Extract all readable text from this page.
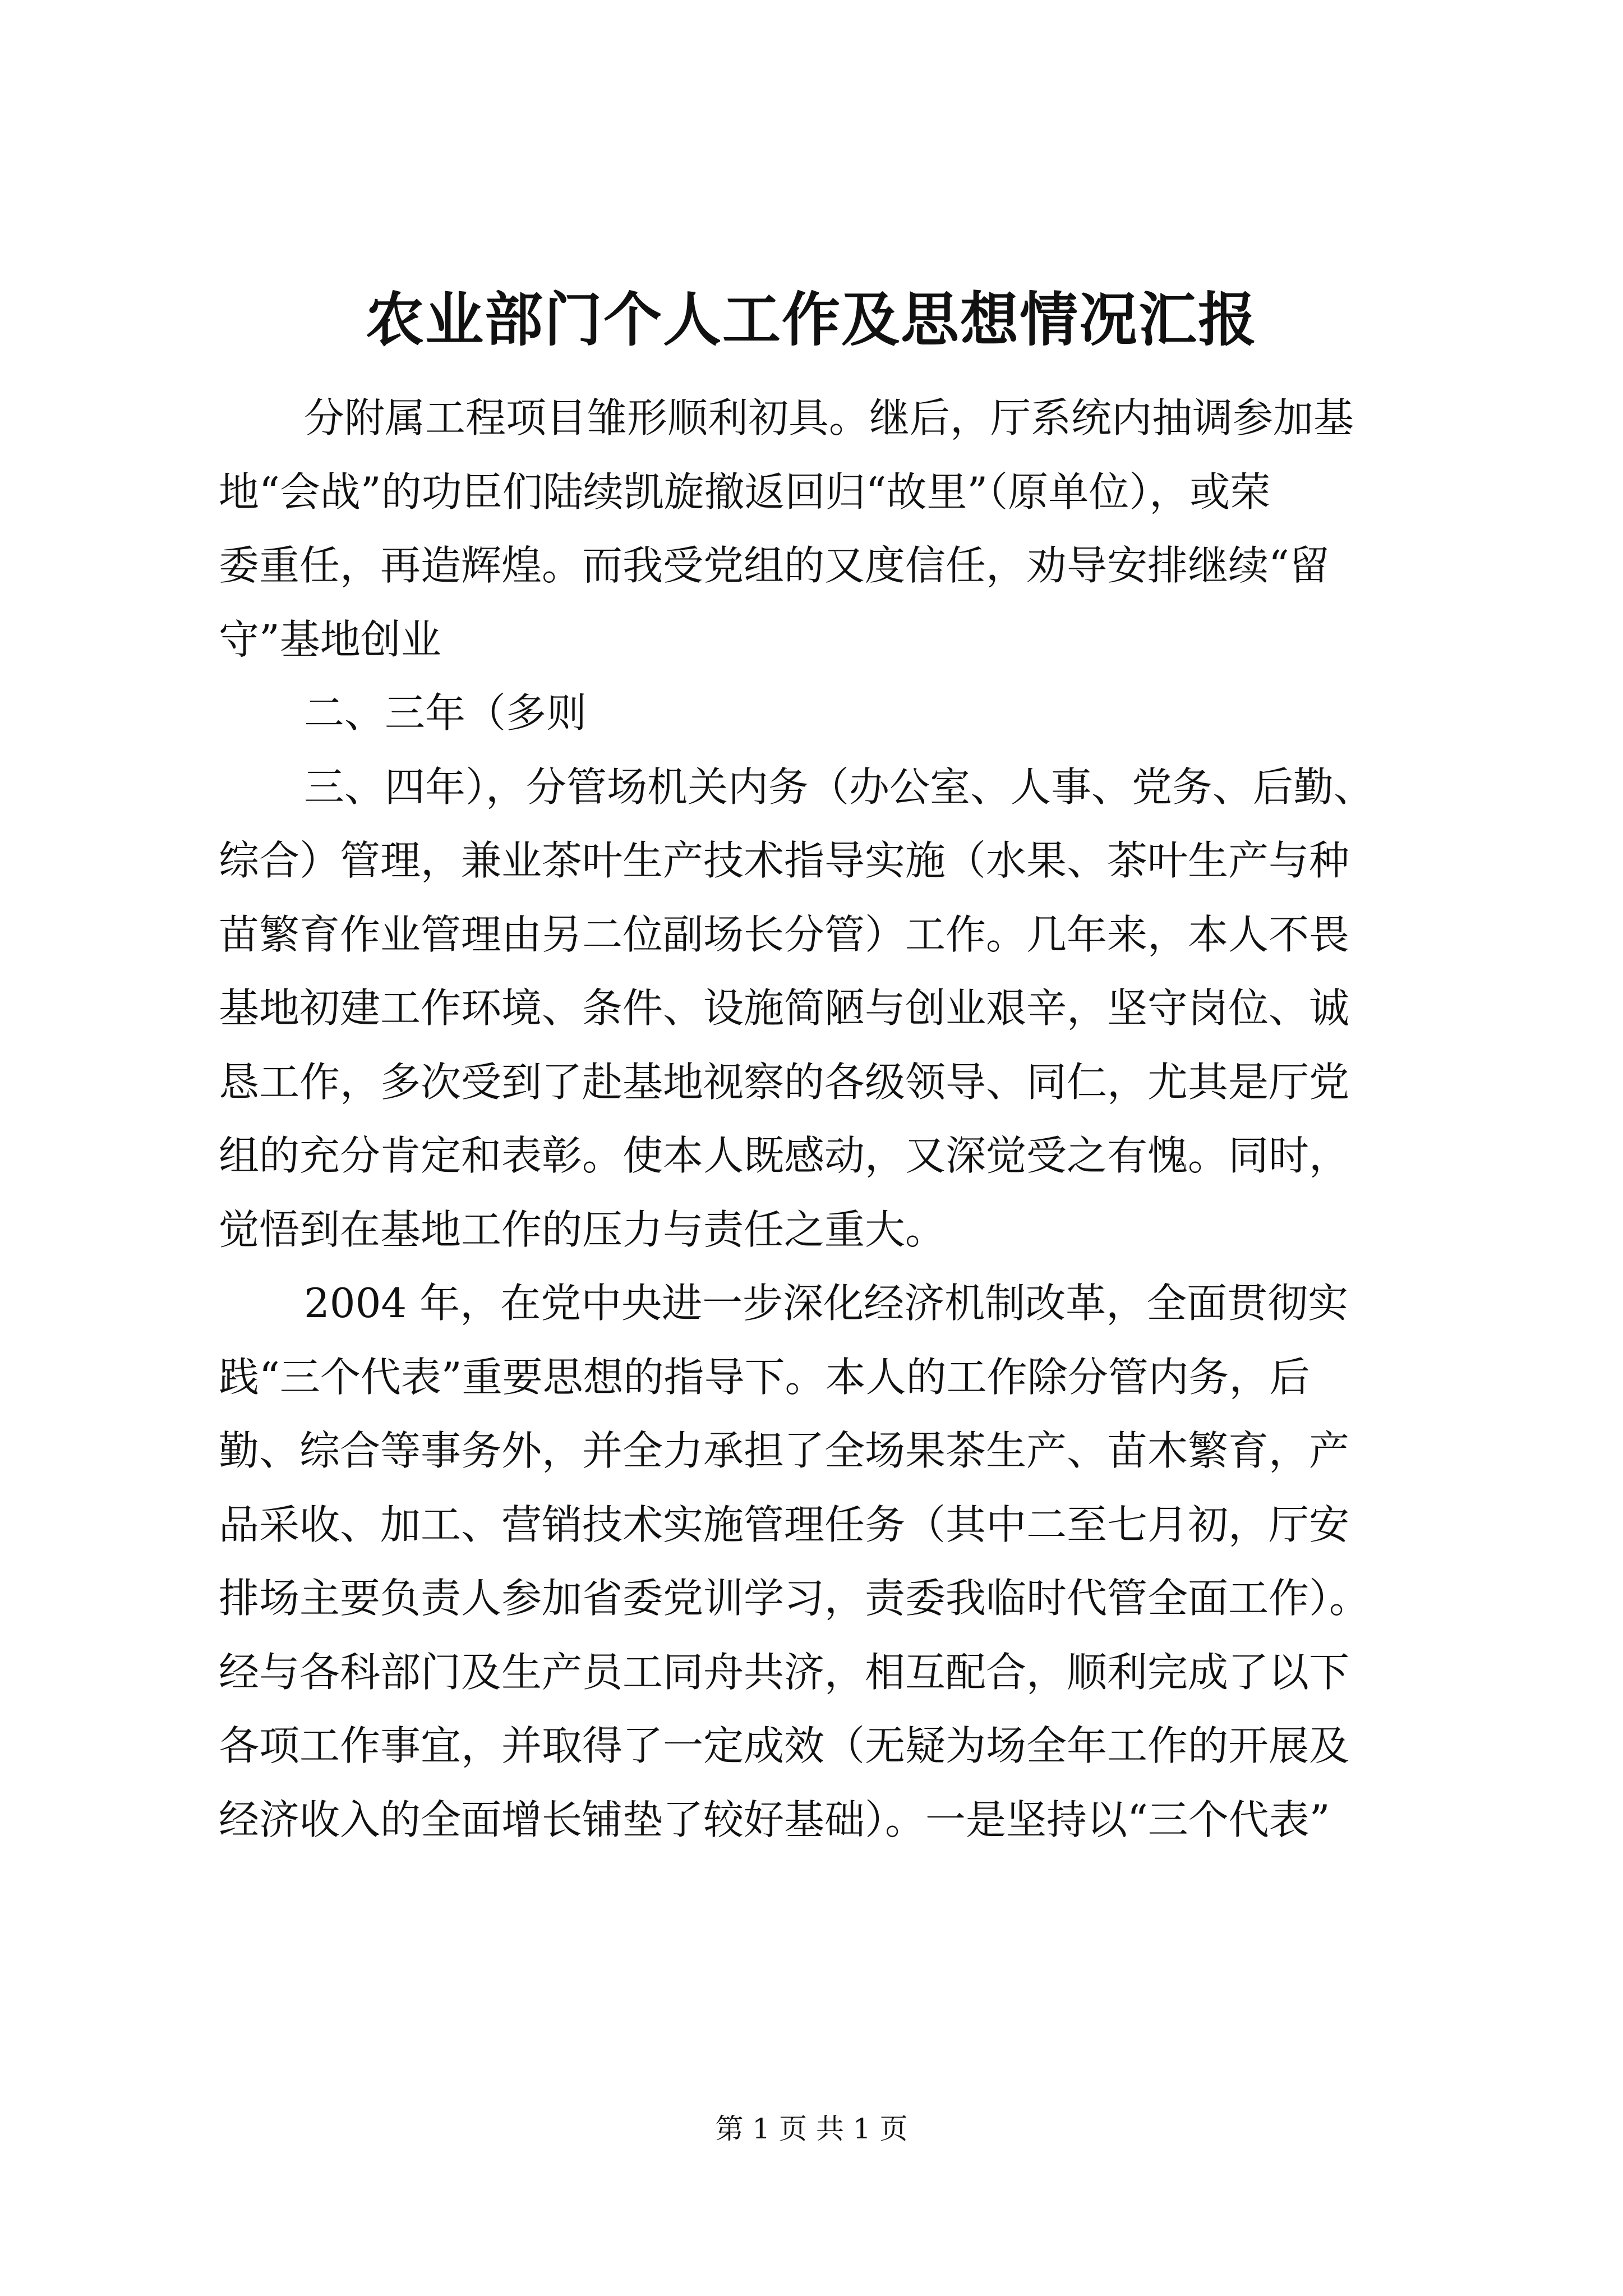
农业部门个人工作及思想情况汇报
分附属工程项目雏形顺利初具。继后，厅系统内抽调参加基
地“会战”的功臣们陆续凯旋撤返回归“故里”（原单位），或荣
委重任，再造辉煌。而我受党组的又度信任，劝导安排继续“留
守”基地创业
二、三年（多则
三、四年），分管场机关内务（办公室、人事、党务、后勤、
综合）管理，兼业茶叶生产技术指导实施（水果、茶叶生产与种
苗繁育作业管理由另二位副场长分管）工作。几年来，本人不畏
基地初建工作环境、条件、设施简陋与创业艰辛，坚守岗位、诚
恳工作，多次受到了赴基地视察的各级领导、同仁，尤其是厅党
组的充分肯定和表彰。使本人既感动，又深觉受之有愧。同时，
觉悟到在基地工作的压力与责任之重大。
2004 年，在党中央进一步深化经济机制改革，全面贯彻实
践“三个代表”重要思想的指导下。本人的工作除分管内务，后
勤、综合等事务外，并全力承担了全场果茶生产、苗木繁育，产
品采收、加工、营销技术实施管理任务（其中二至七月初，厅安
排场主要负责人参加省委党训学习，责委我临时代管全面工作）。
经与各科部门及生产员工同舟共济，相互配合，顺利完成了以下
各项工作事宜，并取得了一定成效（无疑为场全年工作的开展及
经济收入的全面增长铺垫了较好基础）。一是坚持以“三个代表”
第 1 页 共 1 页
